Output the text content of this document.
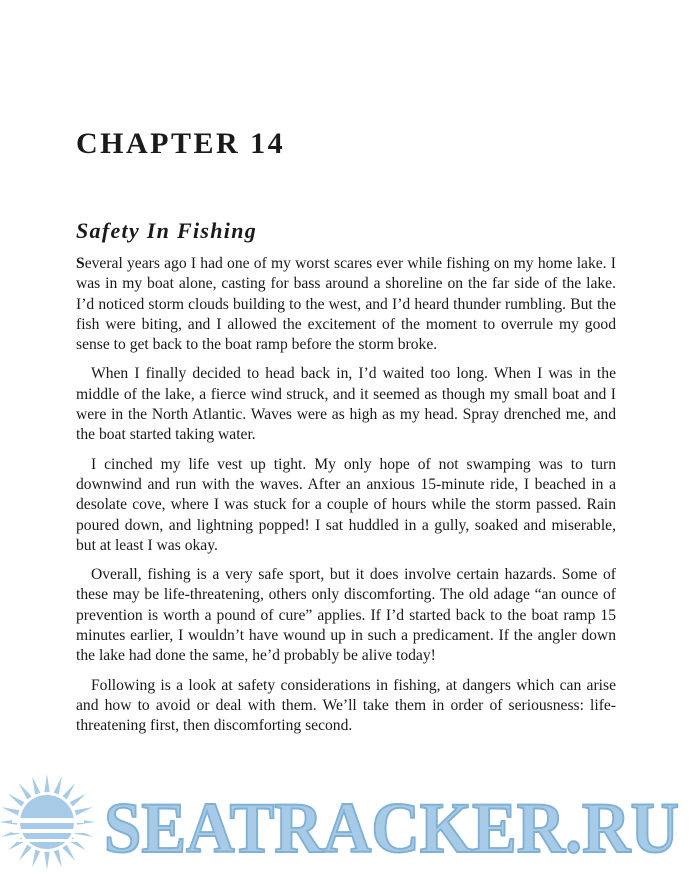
CHAPTER 14
Safety In Fishing

Several years ago I had one of my worst scares ever while fishing on my home lake. I was in my boat alone, casting for bass around a shoreline on the far side of the lake. I’d noticed storm clouds building to the west, and I’d heard thunder rumbling. But the fish were biting, and I allowed the excitement of the moment to overrule my good sense to get back to the boat ramp before the storm broke.

When I finally decided to head back in, I’d waited too long. When I was in the middle of the lake, a fierce wind struck, and it seemed as though my small boat and I were in the North Atlantic. Waves were as high as my head. Spray drenched me, and the boat started taking water.

I cinched my life vest up tight. My only hope of not swamping was to turn downwind and run with the waves. After an anxious 15-minute ride, I beached in a desolate cove, where I was stuck for a couple of hours while the storm passed. Rain poured down, and lightning popped! I sat huddled in a gully, soaked and miserable, but at least I was okay.

Overall, fishing is a very safe sport, but it does involve certain hazards. Some of these may be life-threatening, others only discomforting. The old adage “an ounce of prevention is worth a pound of cure” applies. If I’d started back to the boat ramp 15 minutes earlier, I wouldn’t have wound up in such a predicament. If the angler down the lake had done the same, he’d probably be alive today!

Following is a look at safety considerations in fishing, at dangers which can arise and how to avoid or deal with them. We’ll take them in order of seriousness: life-threatening first, then discomforting second.

SEATRACKER.RU
